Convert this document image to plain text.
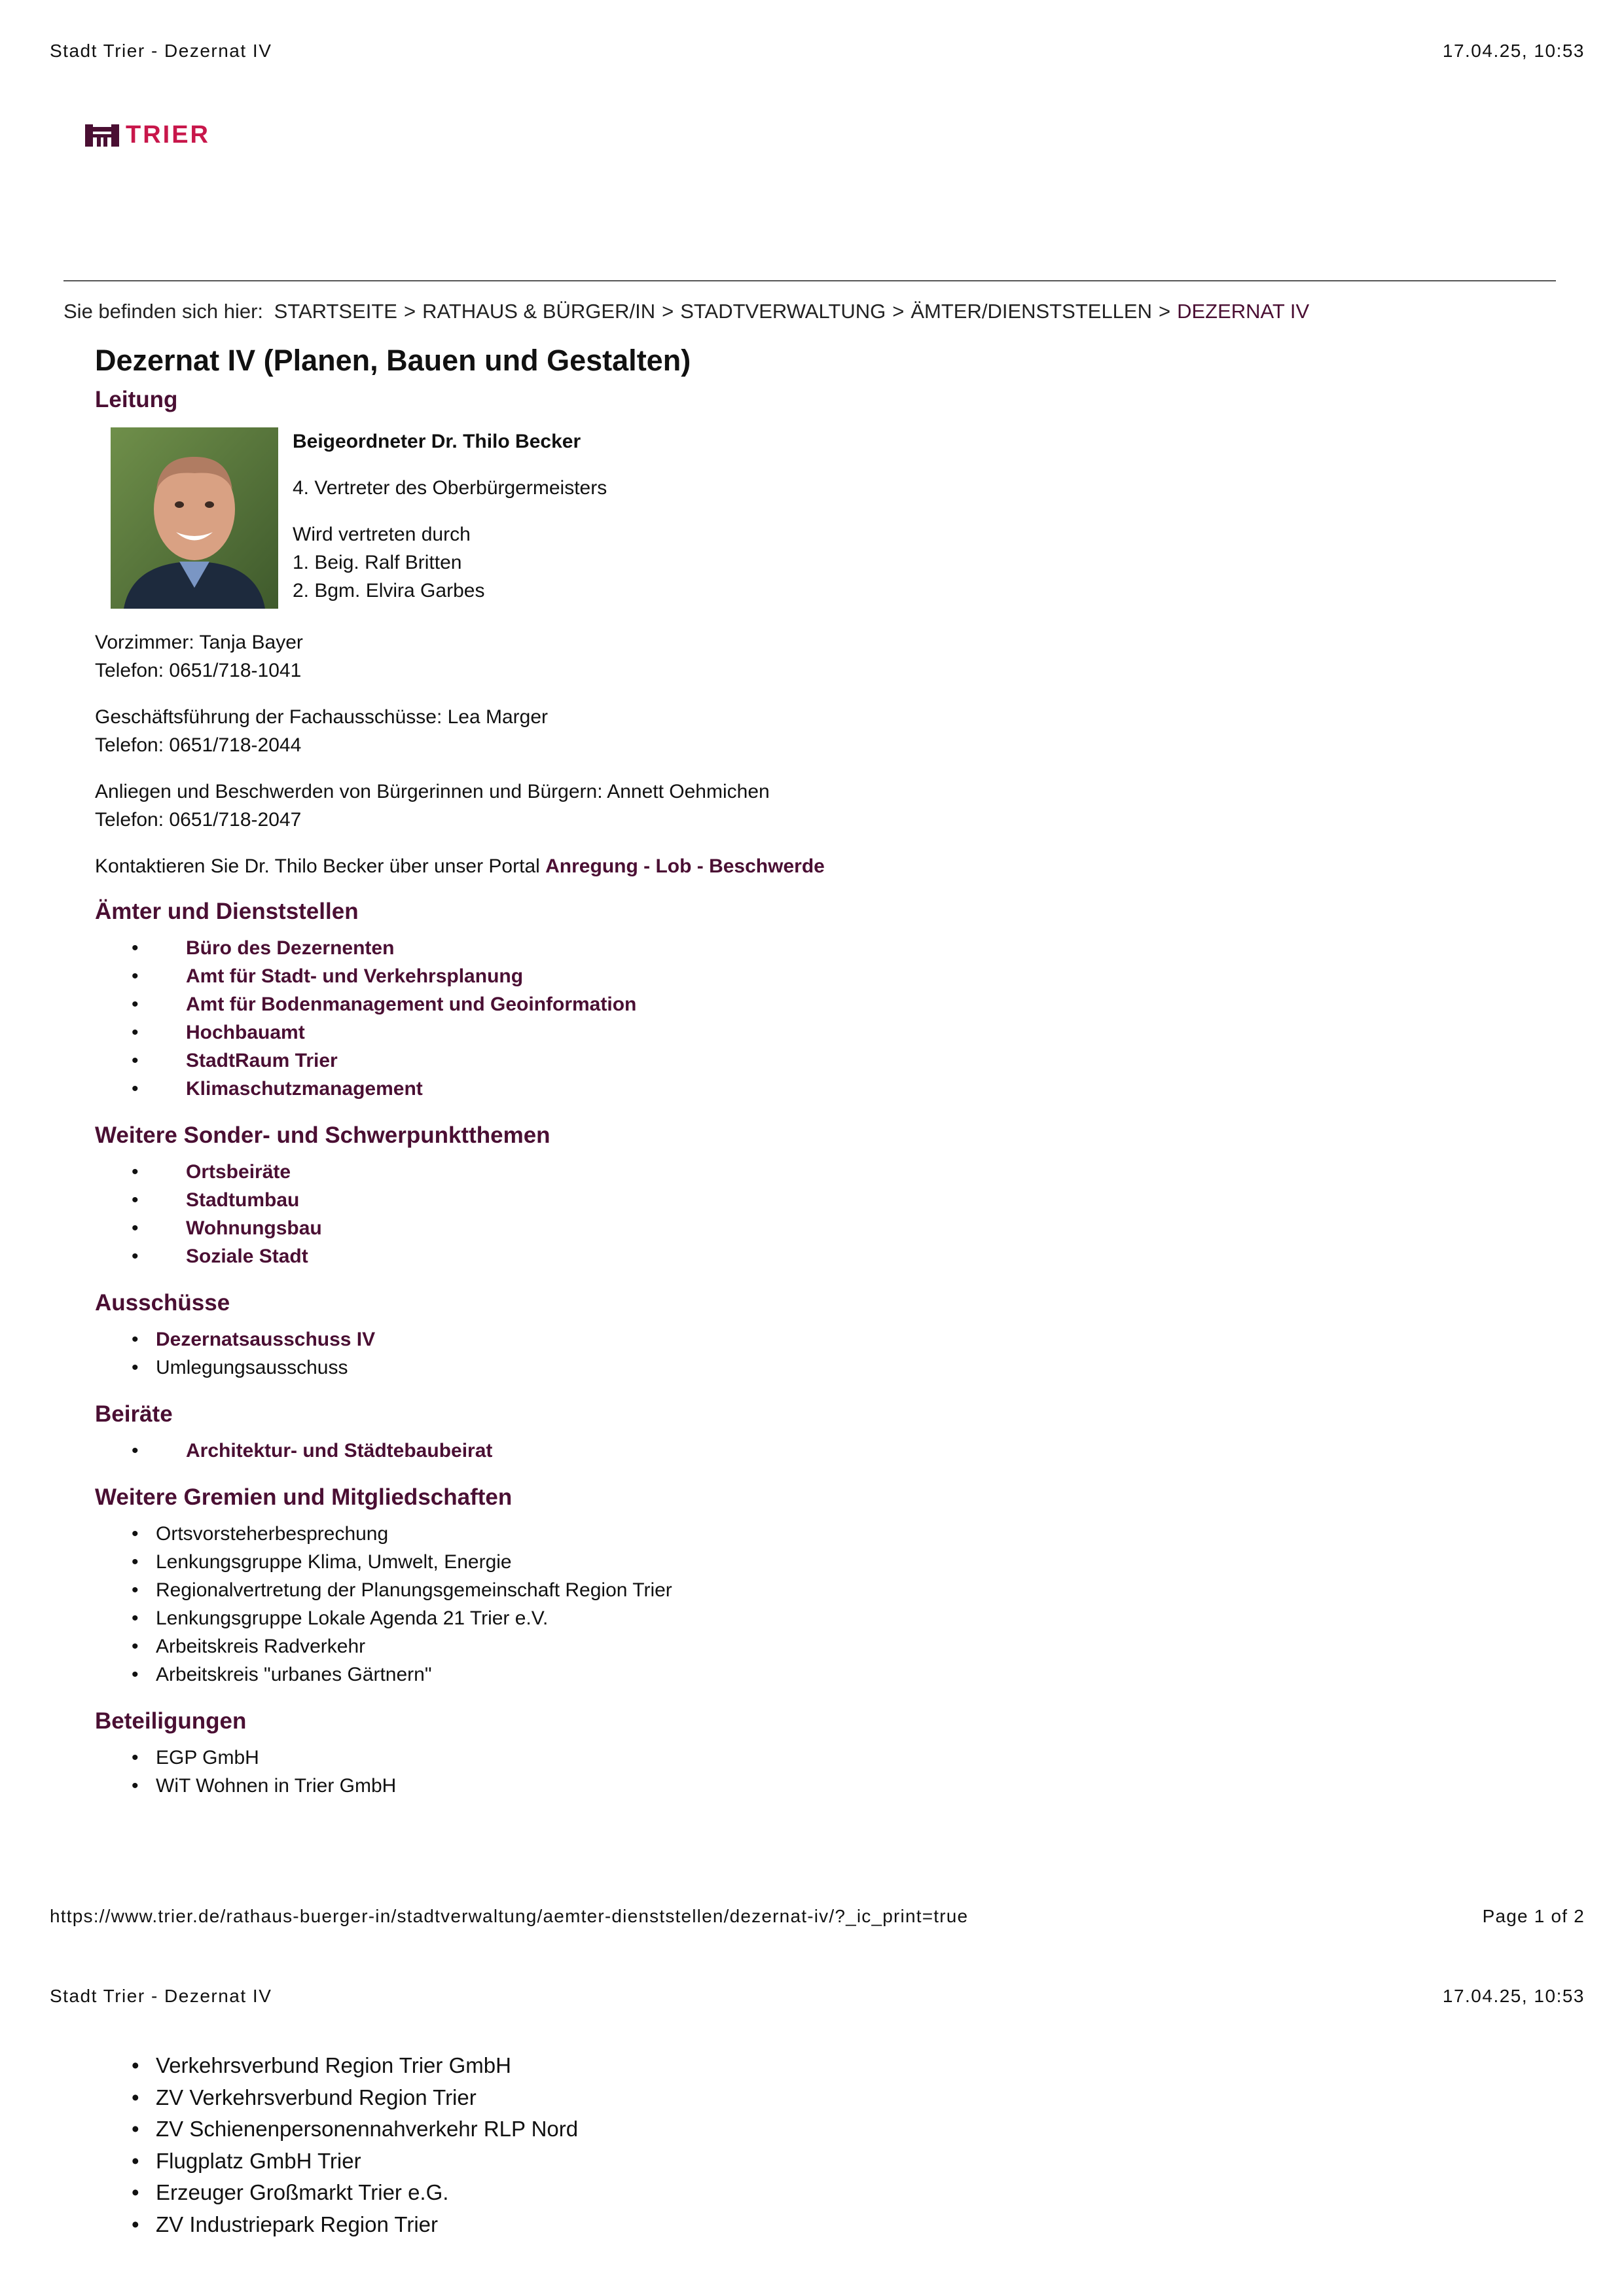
Stadt Trier - Dezernat IV	17.04.25, 10:53
TRIER
Sie befinden sich hier: STARTSEITE > RATHAUS & BÜRGER/IN > STADTVERWALTUNG > ÄMTER/DIENSTSTELLEN > DEZERNAT IV
Dezernat IV (Planen, Bauen und Gestalten)
Leitung

Beigeordneter Dr. Thilo Becker

4. Vertreter des Oberbürgermeisters

Wird vertreten durch

1. Beig. Ralf Britten

2. Bgm. Elvira Garbes

Vorzimmer: Tanja Bayer

Telefon: 0651/718-1041

Geschäftsführung der Fachausschüsse: Lea Marger

Telefon: 0651/718-2044

Anliegen und Beschwerden von Bürgerinnen und Bürgern: Annett Oehmichen

Telefon: 0651/718-2047

Kontaktieren Sie Dr. Thilo Becker über unser Portal Anregung - Lob - Beschwerde

Ämter und Dienststellen
• Büro des Dezernenten
• Amt für Stadt- und Verkehrsplanung
• Amt für Bodenmanagement und Geoinformation
• Hochbauamt
• StadtRaum Trier
• Klimaschutzmanagement
Weitere Sonder- und Schwerpunktthemen
• Ortsbeiräte
• Stadtumbau
• Wohnungsbau
• Soziale Stadt
Ausschüsse
• Dezernatsausschuss IV
• Umlegungsausschuss
Beiräte
• Architektur- und Städtebaubeirat
Weitere Gremien und Mitgliedschaften
• Ortsvorsteherbesprechung
• Lenkungsgruppe Klima, Umwelt, Energie
• Regionalvertretung der Planungsgemeinschaft Region Trier
• Lenkungsgruppe Lokale Agenda 21 Trier e.V.
• Arbeitskreis Radverkehr
• Arbeitskreis "urbanes Gärtnern"
Beteiligungen
• EGP GmbH
• WiT Wohnen in Trier GmbH
https://www.trier.de/rathaus-buerger-in/stadtverwaltung/aemter-dienststellen/dezernat-iv/?_ic_print=true	Page 1 of 2
Stadt Trier - Dezernat IV	17.04.25, 10:53
• Verkehrsverbund Region Trier GmbH
• ZV Verkehrsverbund Region Trier
• ZV Schienenpersonennahverkehr RLP Nord
• Flugplatz GmbH Trier
• Erzeuger Großmarkt Trier e.G.
• ZV Industriepark Region Trier
